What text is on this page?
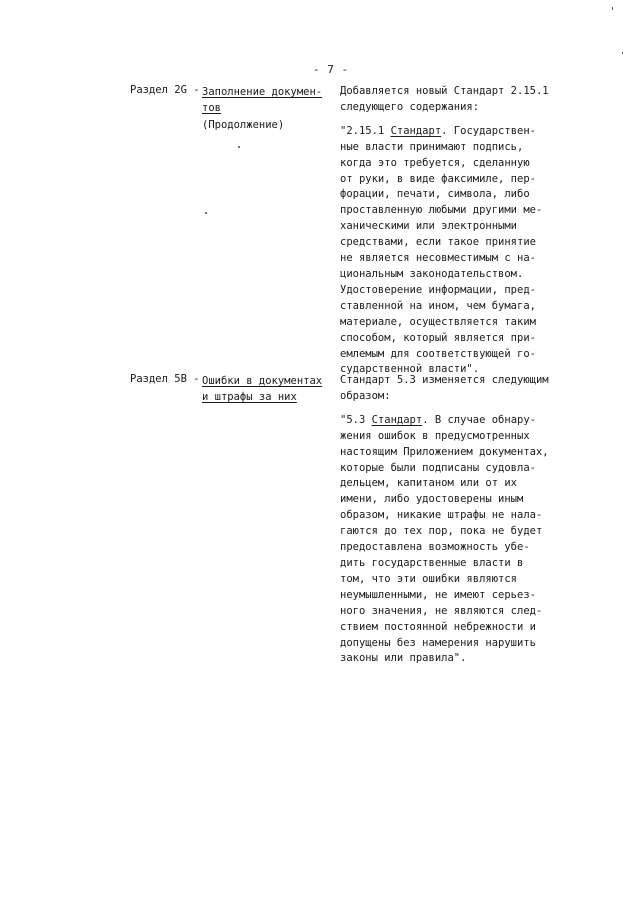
- 7 -
Раздел 2G - Заполнение докумен-
тов
(Продолжение)

Добавляется новый Стандарт 2.15.1
следующего содержания:

"2.15.1 Стандарт. Государствен-
ные власти принимают подпись,
когда это требуется, сделанную
от руки, в виде факсимиле, пер-
форации, печати, символа, либо
проставленную любыми другими ме-
ханическими или электронными
средствами, если такое принятие
не является несовместимым с на-
циональным законодательством.
Удостоверение информации, пред-
ставленной на ином, чем бумага,
материале, осуществляется таким
способом, который является при-
емлемым для соответствующей го-
сударственной власти".

Раздел 5В - Ошибки в документах
и штрафы за них

Стандарт 5.3 изменяется следующим
образом:

"5.3 Стандарт. В случае обнару-
жения ошибок в предусмотренных
настоящим Приложением документах,
которые были подписаны судовла-
дельцем, капитаном или от их
имени, либо удостоверены иным
образом, никакие штрафы не нала-
гаются до тех пор, пока не будет
предоставлена возможность убе-
дить государственные власти в
том, что эти ошибки являются
неумышленными, не имеют серьез-
ного значения, не являются след-
ствием постоянной небрежности и
допущены без намерения нарушить
законы или правила".
